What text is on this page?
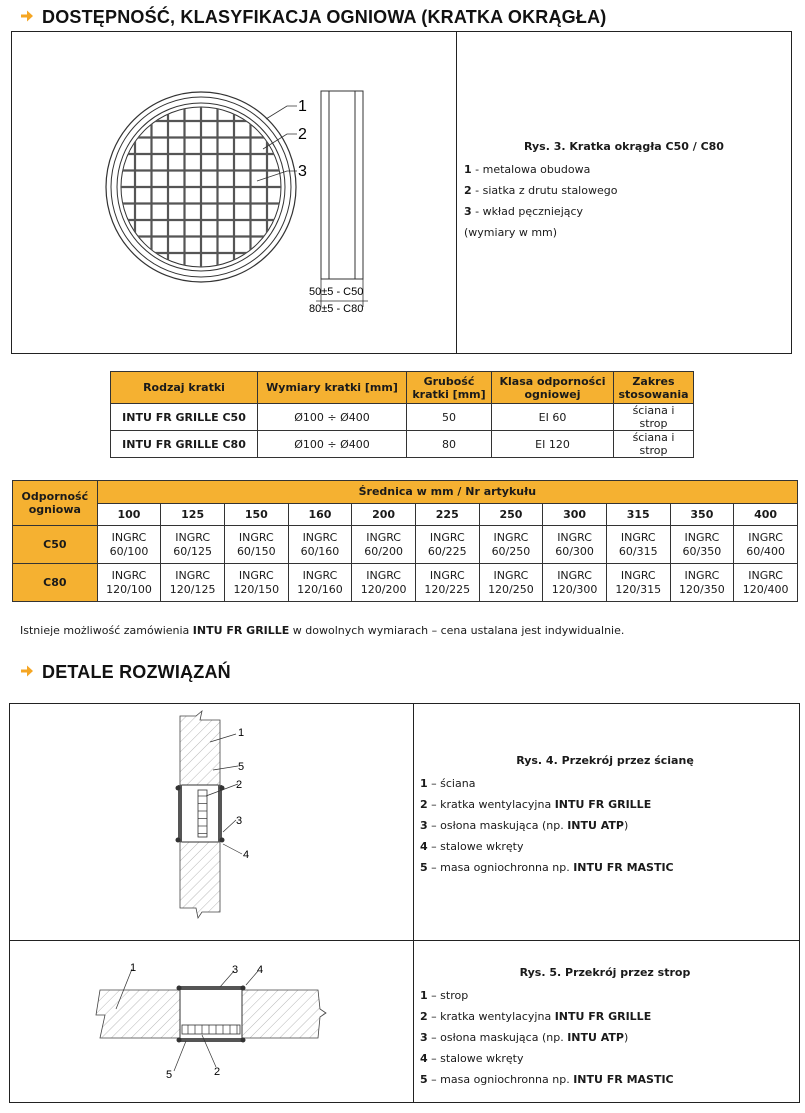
DOSTĘPNOŚĆ, KLASYFIKACJA OGNIOWA (KRATKA OKRĄGŁA)
1
2
3
50±5 - C50
80±5 - C80
Rys. 3. Kratka okrągła C50 / C80
1 - metalowa obudowa
2 - siatka z drutu stalowego
3 - wkład pęczniejący
(wymiary w mm)
Rodzaj kratki	Wymiary kratki [mm]	Grubość kratki [mm]	Klasa odporności ogniowej	Zakres stosowania
INTU FR GRILLE C50	Ø100 ÷ Ø400	50	EI 60	ściana i strop
INTU FR GRILLE C80	Ø100 ÷ Ø400	80	EI 120	ściana i strop
Odporność ogniowa	Średnica w mm / Nr artykułu										
	100	125	150	160	200	225	250	300	315	350	400
C50	INGRC 60/100	INGRC 60/125	INGRC 60/150	INGRC 60/160	INGRC 60/200	INGRC 60/225	INGRC 60/250	INGRC 60/300	INGRC 60/315	INGRC 60/350	INGRC 60/400
C80	INGRC 120/100	INGRC 120/125	INGRC 120/150	INGRC 120/160	INGRC 120/200	INGRC 120/225	INGRC 120/250	INGRC 120/300	INGRC 120/315	INGRC 120/350	INGRC 120/400
Istnieje możliwość zamówienia INTU FR GRILLE w dowolnych wymiarach – cena ustalana jest indywidualnie.
DETALE ROZWIĄZAŃ
1
2
3
4
5	Rys. 4. Przekrój przez ścianę
1 – ściana
2 – kratka wentylacyjna INTU FR GRILLE
3 – osłona maskująca (np. INTU ATP)
4 – stalowe wkręty
5 – masa ogniochronna np. INTU FR MASTIC
1	3 4
5	2
Rys. 5. Przekrój przez strop
1 – strop
2 – kratka wentylacyjna INTU FR GRILLE
3 – osłona maskująca (np. INTU ATP)
4 – stalowe wkręty
5 – masa ogniochronna np. INTU FR MASTIC
